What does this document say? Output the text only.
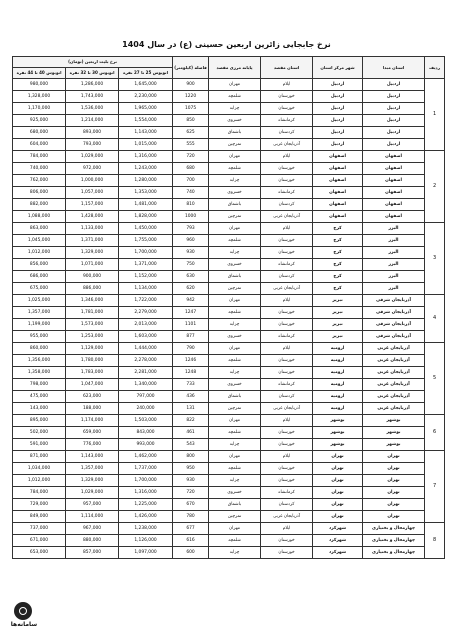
نرخ جابجایی زائرین اربعین حسینی (ع) در سال 1404
ردیف	استان مبدا	شهر مرکز استان	استان مقصد	پایانه مرزی مقصد	فاصله (کیلومتر)	نرخ بلیت اربعین (تومان)		
						اتوبوس 25 تا 27 نفره	اتوبوس 30 تا 32 نفره	اتوبوس 40 تا 44 نفره
1	اردبیل	اردبیل	ایلام	مهران	900	1,645,000	1,286,000	980,000
	اردبیل	اردبیل	خوزستان	شلمچه	1220	2,230,000	1,743,000	1,328,000
	اردبیل	اردبیل	خوزستان	چزابه	1075	1,965,000	1,536,000	1,170,000
	اردبیل	اردبیل	کرمانشاه	خسروی	850	1,554,000	1,214,000	925,000
	اردبیل	اردبیل	کردستان	باشماق	625	1,143,000	893,000	680,000
	اردبیل	اردبیل	آذربایجان غربی	تمرچین	555	1,015,000	793,000	604,000
2	اصفهان	اصفهان	ایلام	مهران	720	1,316,000	1,029,000	784,000
	اصفهان	اصفهان	خوزستان	شلمچه	680	1,243,000	972,000	740,000
	اصفهان	اصفهان	خوزستان	چزابه	700	1,280,000	1,000,000	762,000
	اصفهان	اصفهان	کرمانشاه	خسروی	740	1,353,000	1,057,000	806,000
	اصفهان	اصفهان	کردستان	باشماق	810	1,481,000	1,157,000	882,000
	اصفهان	اصفهان	آذربایجان غربی	تمرچین	1000	1,828,000	1,428,000	1,088,000
3	البرز	کرج	ایلام	مهران	793	1,450,000	1,133,000	863,000
	البرز	کرج	خوزستان	شلمچه	960	1,755,000	1,371,000	1,045,000
	البرز	کرج	خوزستان	چزابه	930	1,700,000	1,329,000	1,012,000
	البرز	کرج	کرمانشاه	خسروی	750	1,371,000	1,071,000	856,000
	البرز	کرج	کردستان	باشماق	630	1,152,000	900,000	686,000
	البرز	کرج	آذربایجان غربی	تمرچین	620	1,134,000	886,000	675,000
4	آذربایجان شرقی	تبریز	ایلام	مهران	942	1,722,000	1,346,000	1,025,000
	آذربایجان شرقی	تبریز	خوزستان	شلمچه	1247	2,279,000	1,781,000	1,357,000
	آذربایجان شرقی	تبریز	خوزستان	چزابه	1101	2,013,000	1,573,000	1,199,000
	آذربایجان شرقی	تبریز	کرمانشاه	خسروی	877	1,603,000	1,253,000	955,000
5	آذربایجان غربی	ارومیه	ایلام	مهران	790	1,444,000	1,129,000	860,000
	آذربایجان غربی	ارومیه	خوزستان	شلمچه	1246	2,278,000	1,780,000	1,356,000
	آذربایجان غربی	ارومیه	خوزستان	چزابه	1248	2,281,000	1,783,000	1,358,000
	آذربایجان غربی	ارومیه	کرمانشاه	خسروی	733	1,340,000	1,047,000	798,000
	آذربایجان غربی	ارومیه	کردستان	باشماق	436	797,000	623,000	475,000
	آذربایجان غربی	ارومیه	آذربایجان غربی	تمرچین	131	240,000	188,000	143,000
6	بوشهر	بوشهر	ایلام	مهران	822	1,503,000	1,174,000	895,000
	بوشهر	بوشهر	خوزستان	شلمچه	461	843,000	659,000	502,000
	بوشهر	بوشهر	خوزستان	چزابه	543	993,000	776,000	591,000
7	تهران	تهران	ایلام	مهران	800	1,462,000	1,143,000	871,000
	تهران	تهران	خوزستان	شلمچه	950	1,737,000	1,357,000	1,034,000
	تهران	تهران	خوزستان	چزابه	930	1,700,000	1,329,000	1,012,000
	تهران	تهران	کرمانشاه	خسروی	720	1,316,000	1,029,000	784,000
	تهران	تهران	کردستان	باشماق	670	1,225,000	957,000	729,000
	تهران	تهران	آذربایجان غربی	تمرچین	780	1,426,000	1,114,000	849,000
8	چهارمحال و بختیاری	شهرکرد	ایلام	مهران	677	1,238,000	967,000	737,000
	چهارمحال و بختیاری	شهرکرد	خوزستان	شلمچه	616	1,126,000	880,000	671,000
	چهارمحال و بختیاری	شهرکرد	خوزستان	چزابه	600	1,097,000	857,000	653,000
سامانه‌ها
